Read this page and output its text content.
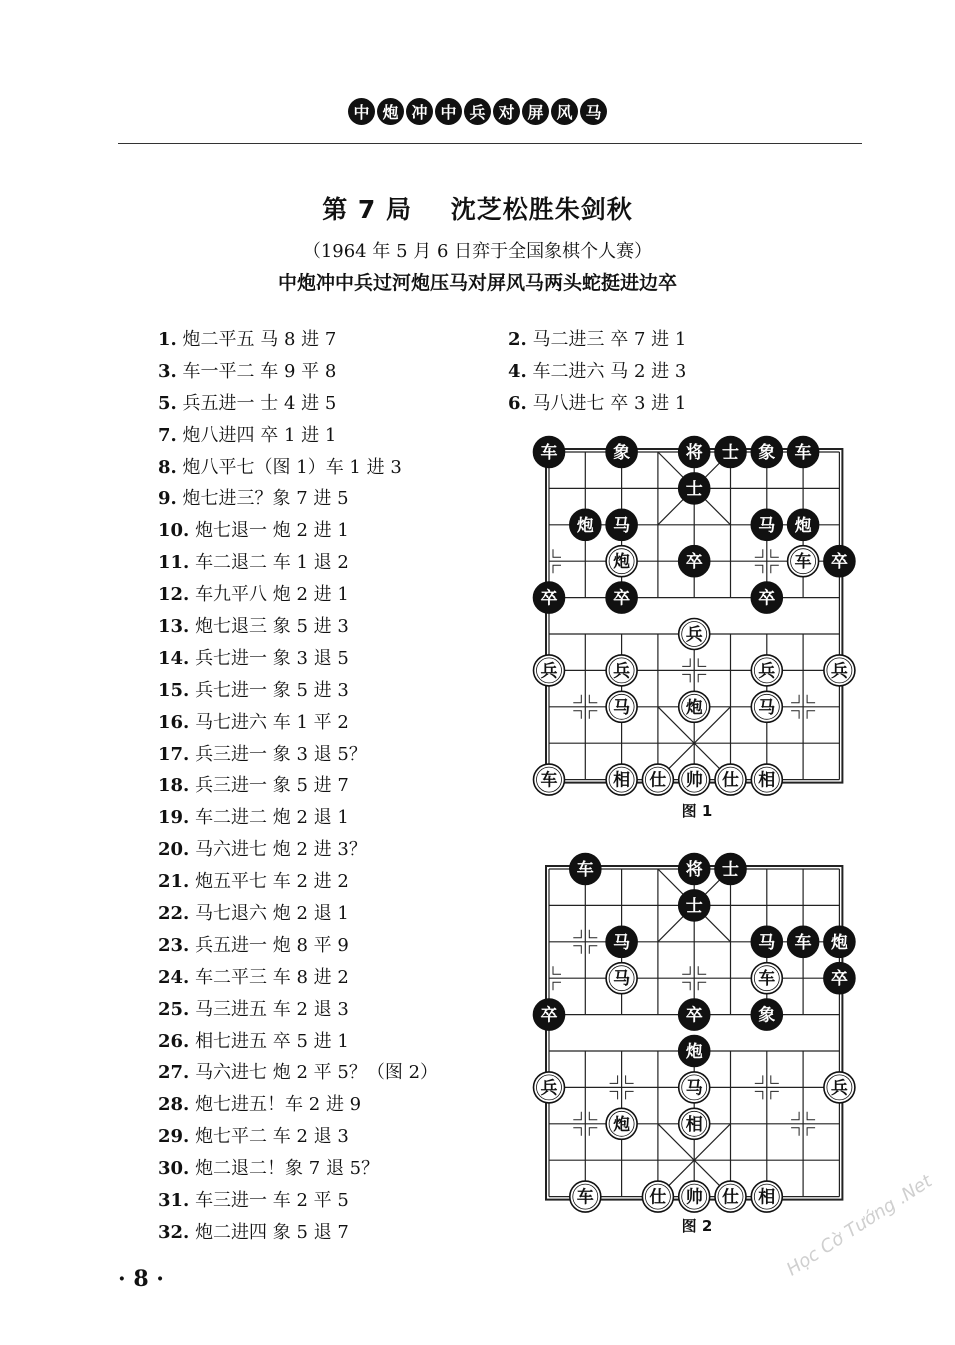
中 炮 冲 中 兵 对 屏 风 马
第 7 局    沈芝松胜朱剑秋
（1964 年 5 月 6 日弈于全国象棋个人赛）
中炮冲中兵过河炮压马对屏风马两头蛇挺进边卒
1. 炮二平五 马 8 进 7
3. 车一平二 车 9 平 8
5. 兵五进一 士 4 进 5
7. 炮八进四 卒 1 进 1
8. 炮八平七（图 1）车 1 进 3
9. 炮七进三？象 7 进 5
10. 炮七退一 炮 2 进 1
11. 车二退二 车 1 退 2
12. 车九平八 炮 2 进 1
13. 炮七退三 象 5 进 3
14. 兵七进一 象 3 退 5
15. 兵七进一 象 5 进 3
16. 马七进六 车 1 平 2
17. 兵三进一 象 3 退 5？
18. 兵三进一 象 5 进 7
19. 车二进二 炮 2 退 1
20. 马六进七 炮 2 进 3？
21. 炮五平七 车 2 进 2
22. 马七退六 炮 2 退 1
23. 兵五进一 炮 8 平 9
24. 车二平三 车 8 进 2
25. 马三进五 车 2 退 3
26. 相七进五 卒 5 进 1
27. 马六进七 炮 2 平 5？（图 2）
28. 炮七进五！车 2 进 9
29. 炮七平二 车 2 退 3
30. 炮二退二！象 7 退 5？
31. 车三进一 车 2 平 5
32. 炮二进四 象 5 退 7
2. 马二进三 卒 7 进 1
4. 车二进六 马 2 进 3
6. 马八进七 卒 3 进 1
车	象	将 士 象 车
士
炮 马	马 炮
炮	卒	车 卒
卒	卒	卒
兵
兵	兵	兵	兵
马	炮	马
车	相 仕 帅 仕 相
图 1
车	将 士
士
马	马 车 炮
马	车	卒
卒	卒	象
炮
兵	马	兵
炮	相
车	仕 帅 仕 相
图 2
· 8 ·	Học Cờ Tướng .Net
